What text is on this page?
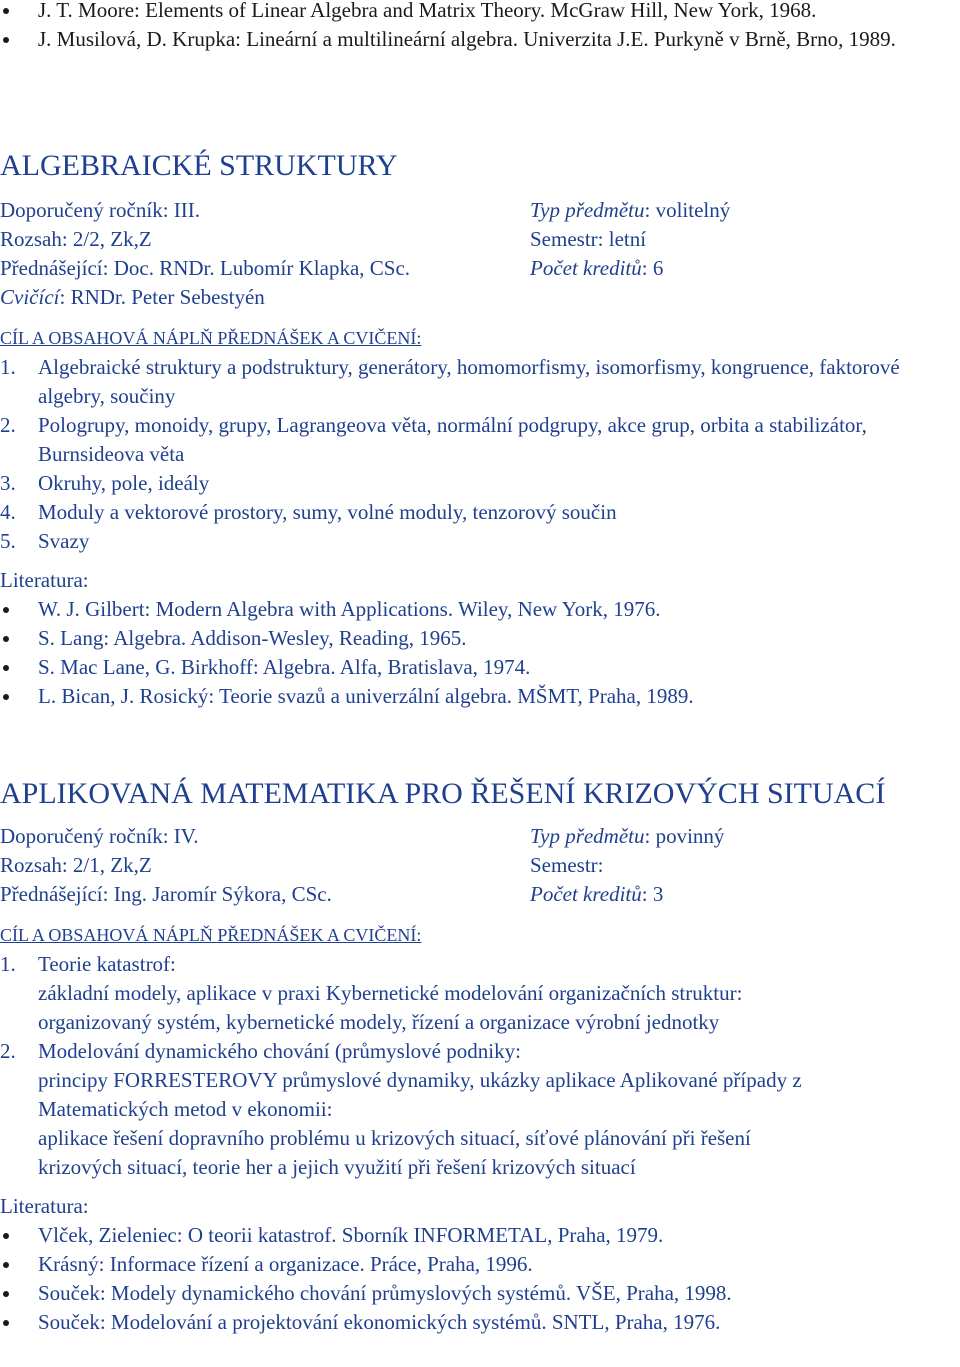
J. T. Moore: Elements of Linear Algebra and Matrix Theory. McGraw Hill, New York, 1968.
J. Musilová, D. Krupka: Lineární a multilineární algebra. Univerzita J.E. Purkyně v Brně, Brno, 1989.
ALGEBRAICKÉ STRUKTURY
Doporučený ročník: III.	Typ předmětu: volitelný
Rozsah: 2/2, Zk,Z	Semestr: letní
Přednášející: Doc. RNDr. Lubomír Klapka, CSc.	Počet kreditů: 6
Cvičící: RNDr. Peter Sebestyén
CÍL A OBSAHOVÁ NÁPLŇ PŘEDNÁŠEK A CVIČENÍ:
1. Algebraické struktury a podstruktury, generátory, homomorfismy, isomorfismy, kongruence, faktorové algebry, součiny
2. Pologrupy, monoidy, grupy, Lagrangeova věta, normální podgrupy, akce grup, orbita a stabilizátor, Burnsideova věta
3. Okruhy, pole, ideály
4. Moduly a vektorové prostory, sumy, volné moduly, tenzorový součin
5. Svazy
Literatura:
W. J. Gilbert: Modern Algebra with Applications. Wiley, New York, 1976.
S. Lang: Algebra. Addison-Wesley, Reading, 1965.
S. Mac Lane, G. Birkhoff: Algebra. Alfa, Bratislava, 1974.
L. Bican, J. Rosický: Teorie svazů a univerzální algebra. MŠMT, Praha, 1989.
APLIKOVANÁ MATEMATIKA PRO ŘEŠENÍ KRIZOVÝCH SITUACÍ
Doporučený ročník: IV.	Typ předmětu: povinný
Rozsah: 2/1, Zk,Z	Semestr:
Přednášející: Ing. Jaromír Sýkora, CSc.	Počet kreditů: 3
CÍL A OBSAHOVÁ NÁPLŇ PŘEDNÁŠEK A CVIČENÍ:
1. Teorie katastrof:
základní modely, aplikace v praxi Kybernetické modelování organizačních struktur:
organizovaný systém, kybernetické modely, řízení a organizace výrobní jednotky
2. Modelování dynamického chování (průmyslové podniky:
principy FORRESTEROVY průmyslové dynamiky, ukázky aplikace Aplikované případy z
Matematických metod v ekonomii:
aplikace řešení dopravního problému u krizových situací, síťové plánování při řešení
krizových situací, teorie her a jejich využití při řešení krizových situací
Literatura:
Vlček, Zieleniec: O teorii katastrof. Sborník INFORMETAL, Praha, 1979.
Krásný: Informace řízení a organizace. Práce, Praha, 1996.
Souček: Modely dynamického chování průmyslových systémů. VŠE, Praha, 1998.
Souček: Modelování a projektování ekonomických systémů. SNTL, Praha, 1976.
